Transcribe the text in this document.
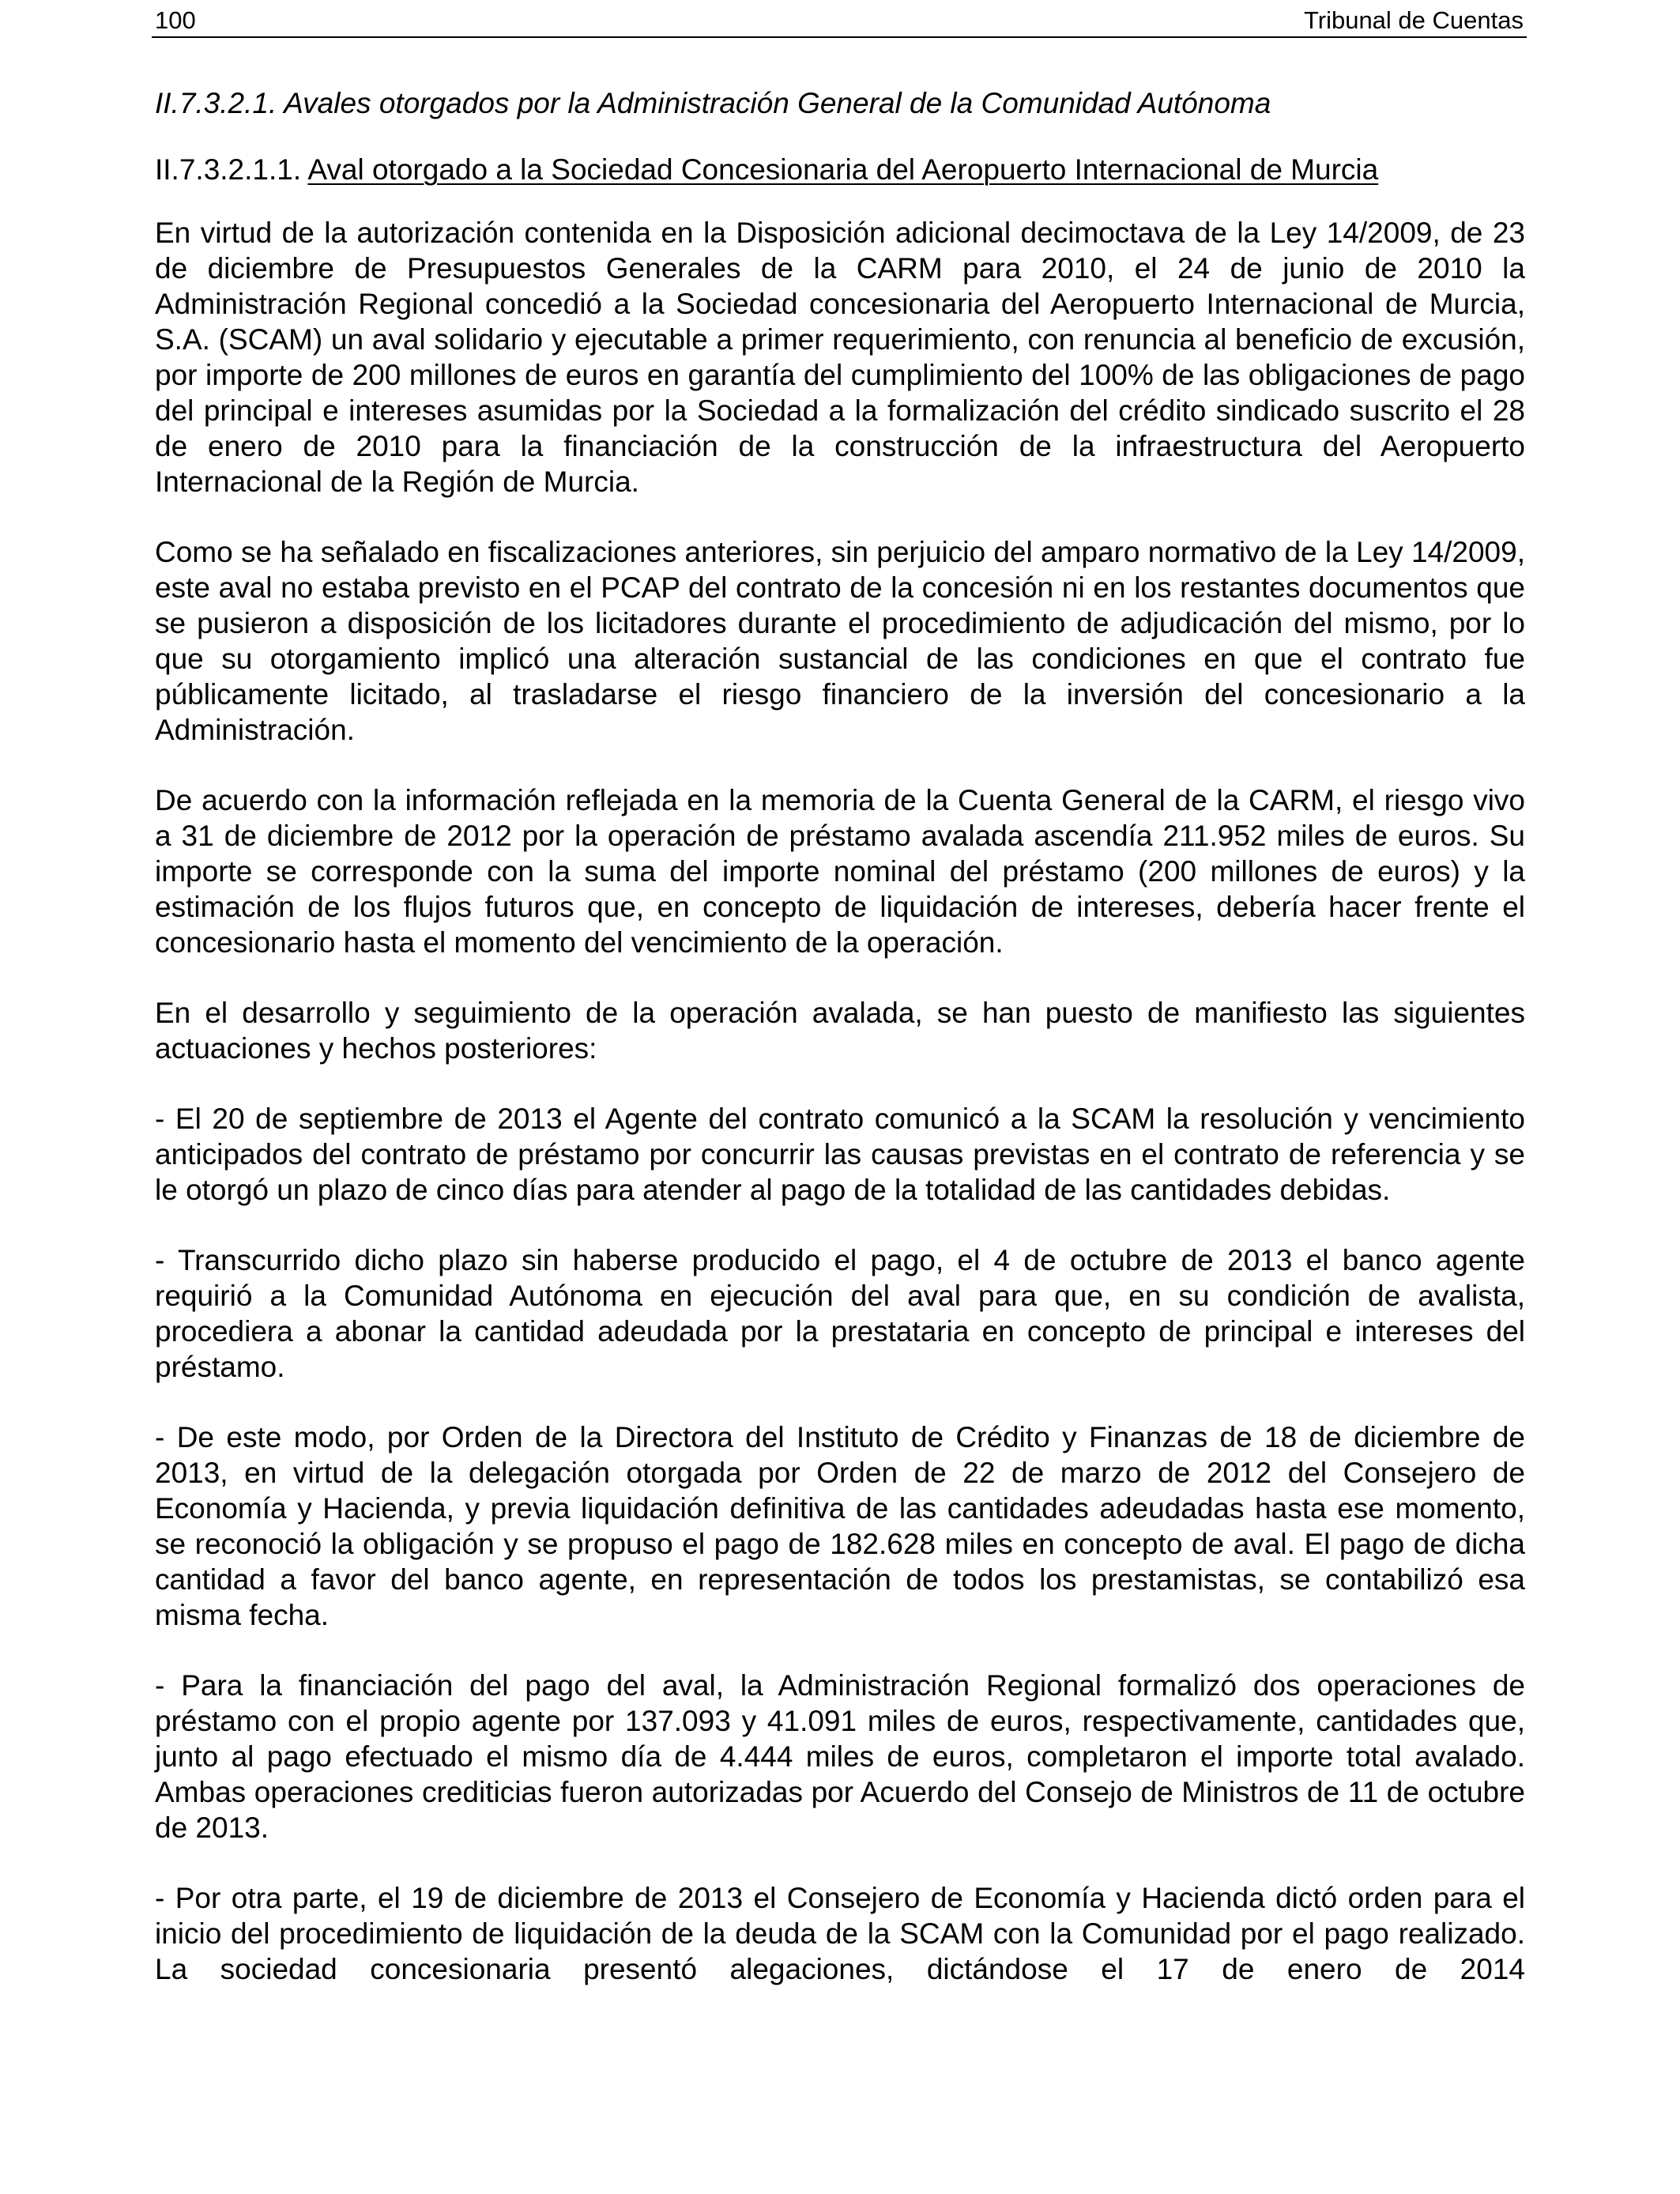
100	Tribunal de Cuentas
II.7.3.2.1. Avales otorgados por la Administración General de la Comunidad Autónoma
II.7.3.2.1.1. Aval otorgado a la Sociedad Concesionaria del Aeropuerto Internacional de Murcia

En virtud de la autorización contenida en la Disposición adicional decimoctava de la Ley 14/2009, de 23 de diciembre de Presupuestos Generales de la CARM para 2010, el 24 de junio de 2010 la Administración Regional concedió a la Sociedad concesionaria del Aeropuerto Internacional de Murcia, S.A. (SCAM) un aval solidario y ejecutable a primer requerimiento, con renuncia al beneficio de excusión, por importe de 200 millones de euros en garantía del cumplimiento del 100% de las obligaciones de pago del principal e intereses asumidas por la Sociedad a la formalización del crédito sindicado suscrito el 28 de enero de 2010 para la financiación de la construcción de la infraestructura del Aeropuerto Internacional de la Región de Murcia.

Como se ha señalado en fiscalizaciones anteriores, sin perjuicio del amparo normativo de la Ley 14/2009, este aval no estaba previsto en el PCAP del contrato de la concesión ni en los restantes documentos que se pusieron a disposición de los licitadores durante el procedimiento de adjudicación del mismo, por lo que su otorgamiento implicó una alteración sustancial de las condiciones en que el contrato fue públicamente licitado, al trasladarse el riesgo financiero de la inversión del concesionario a la Administración.

De acuerdo con la información reflejada en la memoria de la Cuenta General de la CARM, el riesgo vivo a 31 de diciembre de 2012 por la operación de préstamo avalada ascendía 211.952 miles de euros. Su importe se corresponde con la suma del importe nominal del préstamo (200 millones de euros) y la estimación de los flujos futuros que, en concepto de liquidación de intereses, debería hacer frente el concesionario hasta el momento del vencimiento de la operación.

En el desarrollo y seguimiento de la operación avalada, se han puesto de manifiesto las siguientes actuaciones y hechos posteriores:

- El 20 de septiembre de 2013 el Agente del contrato comunicó a la SCAM la resolución y vencimiento anticipados del contrato de préstamo por concurrir las causas previstas en el contrato de referencia y se le otorgó un plazo de cinco días para atender al pago de la totalidad de las cantidades debidas.

- Transcurrido dicho plazo sin haberse producido el pago, el 4 de octubre de 2013 el banco agente requirió a la Comunidad Autónoma en ejecución del aval para que, en su condición de avalista, procediera a abonar la cantidad adeudada por la prestataria en concepto de principal e intereses del préstamo.

- De este modo, por Orden de la Directora del Instituto de Crédito y Finanzas de 18 de diciembre de 2013, en virtud de la delegación otorgada por Orden de 22 de marzo de 2012 del Consejero de Economía y Hacienda, y previa liquidación definitiva de las cantidades adeudadas hasta ese momento, se reconoció la obligación y se propuso el pago de 182.628 miles en concepto de aval. El pago de dicha cantidad a favor del banco agente, en representación de todos los prestamistas, se contabilizó esa misma fecha.

- Para la financiación del pago del aval, la Administración Regional formalizó dos operaciones de préstamo con el propio agente por 137.093 y 41.091 miles de euros, respectivamente, cantidades que, junto al pago efectuado el mismo día de 4.444 miles de euros, completaron el importe total avalado. Ambas operaciones crediticias fueron autorizadas por Acuerdo del Consejo de Ministros de 11 de octubre de 2013.

- Por otra parte, el 19 de diciembre de 2013 el Consejero de Economía y Hacienda dictó orden para el inicio del procedimiento de liquidación de la deuda de la SCAM con la Comunidad por el pago realizado. La sociedad concesionaria presentó alegaciones, dictándose el 17 de enero de 2014
